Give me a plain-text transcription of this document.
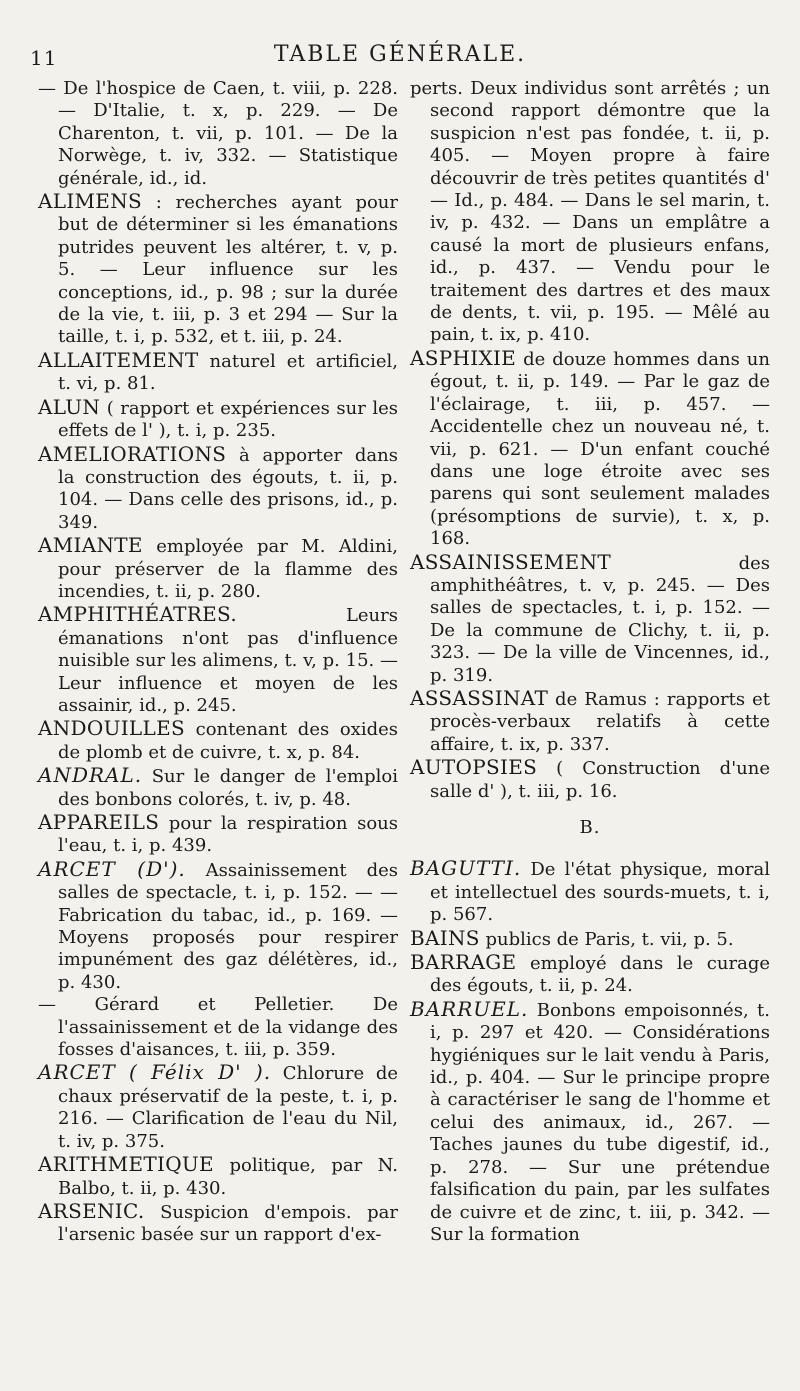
11	TABLE GÉNÉRALE.
— De l'hospice de Caen, t. viii, p. 228. — D'Italie, t. x, p. 229. — De Charenton, t. vii, p. 101. — De la Norwège, t. iv, 332. — Statistique générale, id., id.
ALIMENS : recherches ayant pour but de déterminer si les émanations putrides peuvent les altérer, t. v, p. 5. — Leur influence sur les conceptions, id., p. 98 ; sur la durée de la vie, t. iii, p. 3 et 294 — Sur la taille, t. i, p. 532, et t. iii, p. 24.
ALLAITEMENT naturel et artificiel, t. vi, p. 81.
ALUN ( rapport et expériences sur les effets de l' ), t. i, p. 235.
AMELIORATIONS à apporter dans la construction des égouts, t. ii, p. 104. — Dans celle des prisons, id., p. 349.
AMIANTE employée par M. Aldini, pour préserver de la flamme des incendies, t. ii, p. 280.
AMPHITHÉATRES. Leurs émanations n'ont pas d'influence nuisible sur les alimens, t. v, p. 15. — Leur influence et moyen de les assainir, id., p. 245.
ANDOUILLES contenant des oxides de plomb et de cuivre, t. x, p. 84.
ANDRAL. Sur le danger de l'emploi des bonbons colorés, t. iv, p. 48.
APPAREILS pour la respiration sous l'eau, t. i, p. 439.
ARCET (D'). Assainissement des salles de spectacle, t. i, p. 152. — — Fabrication du tabac, id., p. 169. — Moyens proposés pour respirer impunément des gaz délétères, id., p. 430.
— Gérard et Pelletier. De l'assainissement et de la vidange des fosses d'aisances, t. iii, p. 359.
ARCET ( Félix D' ). Chlorure de chaux préservatif de la peste, t. i, p. 216. — Clarification de l'eau du Nil, t. iv, p. 375.
ARITHMETIQUE politique, par N. Balbo, t. ii, p. 430.
ARSENIC. Suspicion d'empois. par l'arsenic basée sur un rapport d'ex-
perts. Deux individus sont arrêtés ; un second rapport démontre que la suspicion n'est pas fondée, t. ii, p. 405. — Moyen propre à faire découvrir de très petites quantités d' — Id., p. 484. — Dans le sel marin, t. iv, p. 432. — Dans un emplâtre a causé la mort de plusieurs enfans, id., p. 437. — Vendu pour le traitement des dartres et des maux de dents, t. vii, p. 195. — Mêlé au pain, t. ix, p. 410.
ASPHIXIE de douze hommes dans un égout, t. ii, p. 149. — Par le gaz de l'éclairage, t. iii, p. 457. — Accidentelle chez un nouveau né, t. vii, p. 621. — D'un enfant couché dans une loge étroite avec ses parens qui sont seulement malades (présomptions de survie), t. x, p. 168.
ASSAINISSEMENT des amphithéâtres, t. v, p. 245. — Des salles de spectacles, t. i, p. 152. — De la commune de Clichy, t. ii, p. 323. — De la ville de Vincennes, id., p. 319.
ASSASSINAT de Ramus : rapports et procès-verbaux relatifs à cette affaire, t. ix, p. 337.
AUTOPSIES ( Construction d'une salle d' ), t. iii, p. 16.
B.
BAGUTTI. De l'état physique, moral et intellectuel des sourds-muets, t. i, p. 567.
BAINS publics de Paris, t. vii, p. 5.
BARRAGE employé dans le curage des égouts, t. ii, p. 24.
BARRUEL. Bonbons empoisonnés, t. i, p. 297 et 420. — Considérations hygiéniques sur le lait vendu à Paris, id., p. 404. — Sur le principe propre à caractériser le sang de l'homme et celui des animaux, id., 267. — Taches jaunes du tube digestif, id., p. 278. — Sur une prétendue falsification du pain, par les sulfates de cuivre et de zinc, t. iii, p. 342. — Sur la formation
